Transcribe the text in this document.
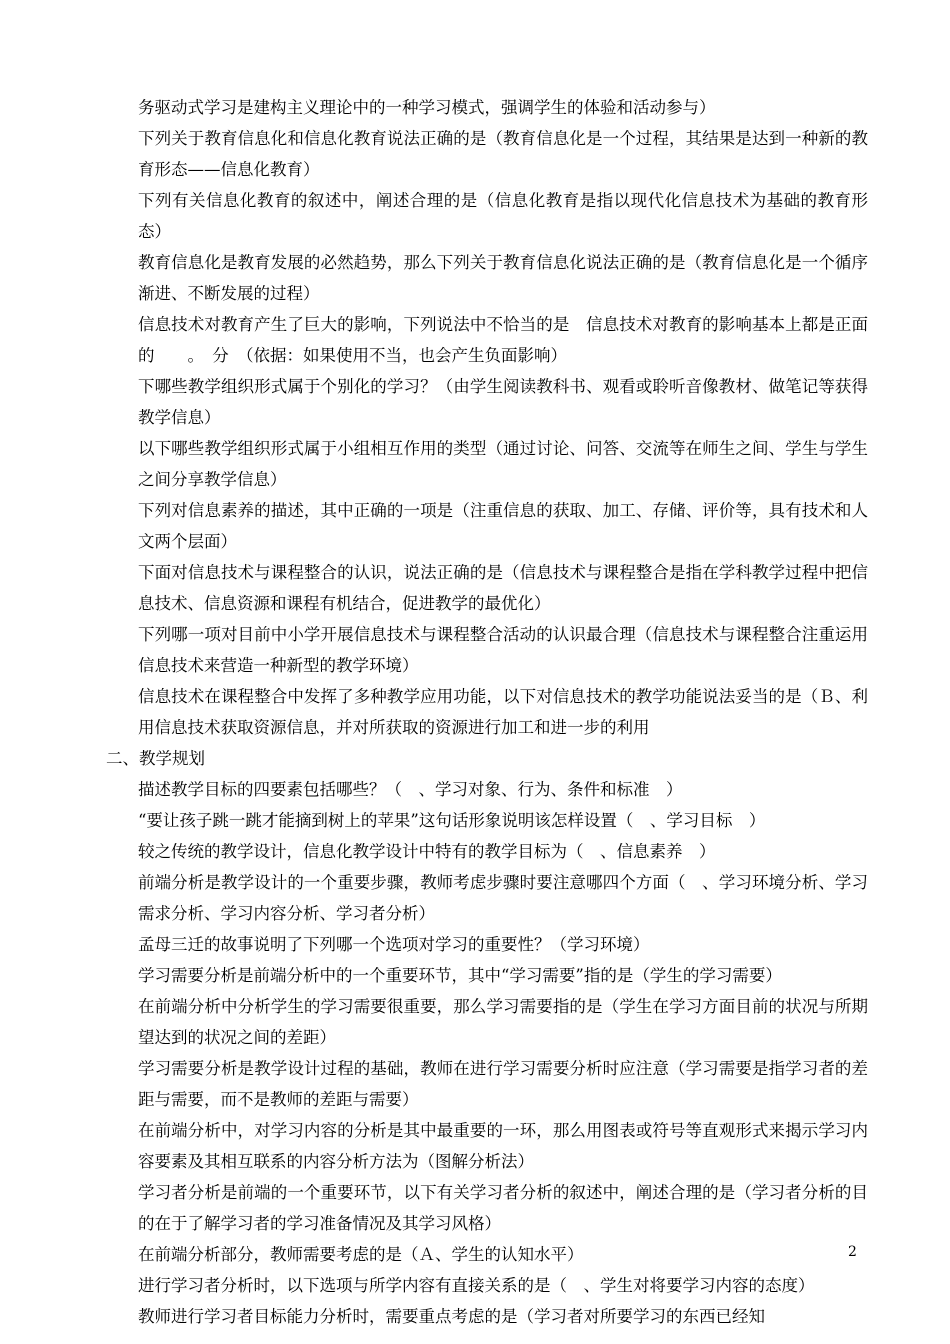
务驱动式学习是建构主义理论中的一种学习模式，强调学生的体验和活动参与）

下列关于教育信息化和信息化教育说法正确的是（教育信息化是一个过程，其结果是达到一种新的教育形态——信息化教育）

下列有关信息化教育的叙述中，阐述合理的是（信息化教育是指以现代化信息技术为基础的教育形态）

教育信息化是教育发展的必然趋势，那么下列关于教育信息化说法正确的是（教育信息化是一个循序渐进、不断发展的过程）

信息技术对教育产生了巨大的影响，下列说法中不恰当的是　信息技术对教育的影响基本上都是正面的　　。　分　（依据：如果使用不当，也会产生负面影响）

下哪些教学组织形式属于个别化的学习？（由学生阅读教科书、观看或聆听音像教材、做笔记等获得教学信息）

以下哪些教学组织形式属于小组相互作用的类型（通过讨论、问答、交流等在师生之间、学生与学生之间分享教学信息）

下列对信息素养的描述，其中正确的一项是（注重信息的获取、加工、存储、评价等，具有技术和人文两个层面）

下面对信息技术与课程整合的认识，说法正确的是（信息技术与课程整合是指在学科教学过程中把信息技术、信息资源和课程有机结合，促进教学的最优化）

下列哪一项对目前中小学开展信息技术与课程整合活动的认识最合理（信息技术与课程整合注重运用信息技术来营造一种新型的教学环境）

信息技术在课程整合中发挥了多种教学应用功能，以下对信息技术的教学功能说法妥当的是（Ｂ、利用信息技术获取资源信息，并对所获取的资源进行加工和进一步的利用

二、教学规划

描述教学目标的四要素包括哪些？（　、学习对象、行为、条件和标准　）

“要让孩子跳一跳才能摘到树上的苹果”这句话形象说明该怎样设置（　、学习目标　）

较之传统的教学设计，信息化教学设计中特有的教学目标为（　、信息素养　）

前端分析是教学设计的一个重要步骤，教师考虑步骤时要注意哪四个方面（　、学习环境分析、学习需求分析、学习内容分析、学习者分析）

孟母三迁的故事说明了下列哪一个选项对学习的重要性？（学习环境）

学习需要分析是前端分析中的一个重要环节，其中“学习需要”指的是（学生的学习需要）

在前端分析中分析学生的学习需要很重要，那么学习需要指的是（学生在学习方面目前的状况与所期望达到的状况之间的差距）

学习需要分析是教学设计过程的基础，教师在进行学习需要分析时应注意（学习需要是指学习者的差距与需要，而不是教师的差距与需要）

在前端分析中，对学习内容的分析是其中最重要的一环，那么用图表或符号等直观形式来揭示学习内容要素及其相互联系的内容分析方法为（图解分析法）

学习者分析是前端的一个重要环节，以下有关学习者分析的叙述中，阐述合理的是（学习者分析的目的在于了解学习者的学习准备情况及其学习风格）

在前端分析部分，教师需要考虑的是（Ａ、学生的认知水平）

进行学习者分析时，以下选项与所学内容有直接关系的是（　、学生对将要学习内容的态度）

教师进行学习者目标能力分析时，需要重点考虑的是（学习者对所要学习的东西已经知

2
